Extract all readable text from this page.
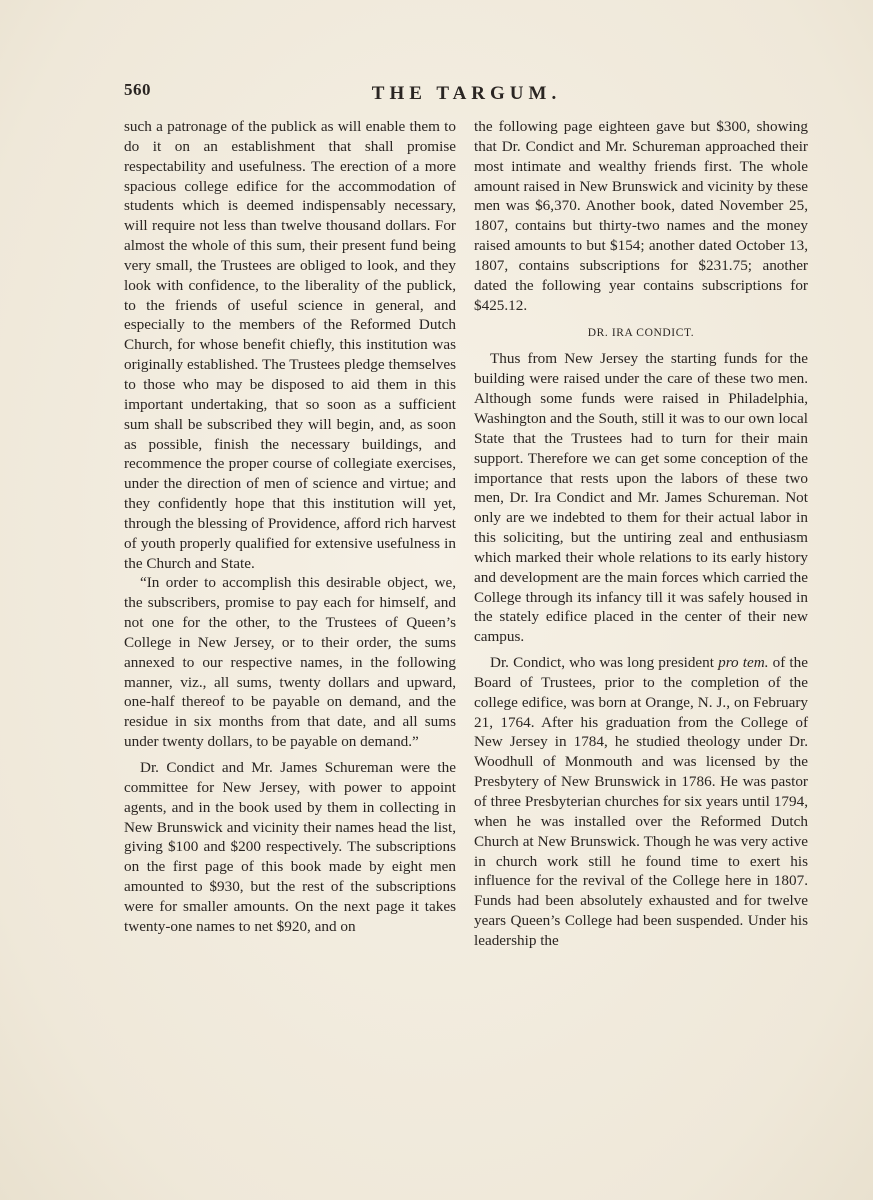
560	THE TARGUM.

such a patronage of the publick as will enable them to do it on an establishment that shall promise respectability and usefulness. The erection of a more spacious college edifice for the accommodation of students which is deemed indispensably necessary, will require not less than twelve thousand dollars. For almost the whole of this sum, their present fund being very small, the Trustees are obliged to look, and they look with confidence, to the liberality of the publick, to the friends of useful science in general, and especially to the members of the Reformed Dutch Church, for whose benefit chiefly, this institution was originally established. The Trustees pledge themselves to those who may be disposed to aid them in this important undertaking, that so soon as a sufficient sum shall be subscribed they will begin, and, as soon as possible, finish the necessary buildings, and recommence the proper course of collegiate exercises, under the direction of men of science and virtue; and they confidently hope that this institution will yet, through the blessing of Providence, afford rich harvest of youth properly qualified for extensive usefulness in the Church and State.

“In order to accomplish this desirable object, we, the subscribers, promise to pay each for himself, and not one for the other, to the Trustees of Queen’s College in New Jersey, or to their order, the sums annexed to our respective names, in the following manner, viz., all sums, twenty dollars and upward, one-half thereof to be payable on demand, and the residue in six months from that date, and all sums under twenty dollars, to be payable on demand.”

Dr. Condict and Mr. James Schureman were the committee for New Jersey, with power to appoint agents, and in the book used by them in collecting in New Brunswick and vicinity their names head the list, giving $100 and $200 respectively. The subscriptions on the first page of this book made by eight men amounted to $930, but the rest of the subscriptions were for smaller amounts. On the next page it takes twenty-one names to net $920, and on

the following page eighteen gave but $300, showing that Dr. Condict and Mr. Schureman approached their most intimate and wealthy friends first. The whole amount raised in New Brunswick and vicinity by these men was $6,370. Another book, dated November 25, 1807, contains but thirty-two names and the money raised amounts to but $154; another dated October 13, 1807, contains subscriptions for $231.75; another dated the following year contains subscriptions for $425.12.

DR. IRA CONDICT.

Thus from New Jersey the starting funds for the building were raised under the care of these two men. Although some funds were raised in Philadelphia, Washington and the South, still it was to our own local State that the Trustees had to turn for their main support. Therefore we can get some conception of the importance that rests upon the labors of these two men, Dr. Ira Condict and Mr. James Schureman. Not only are we indebted to them for their actual labor in this soliciting, but the untiring zeal and enthusiasm which marked their whole relations to its early history and development are the main forces which carried the College through its infancy till it was safely housed in the stately edifice placed in the center of their new campus.

Dr. Condict, who was long president pro tem. of the Board of Trustees, prior to the completion of the college edifice, was born at Orange, N. J., on February 21, 1764. After his graduation from the College of New Jersey in 1784, he studied theology under Dr. Woodhull of Monmouth and was licensed by the Presbytery of New Brunswick in 1786. He was pastor of three Presbyterian churches for six years until 1794, when he was installed over the Reformed Dutch Church at New Brunswick. Though he was very active in church work still he found time to exert his influence for the revival of the College here in 1807. Funds had been absolutely exhausted and for twelve years Queen’s College had been suspended. Under his leadership the
